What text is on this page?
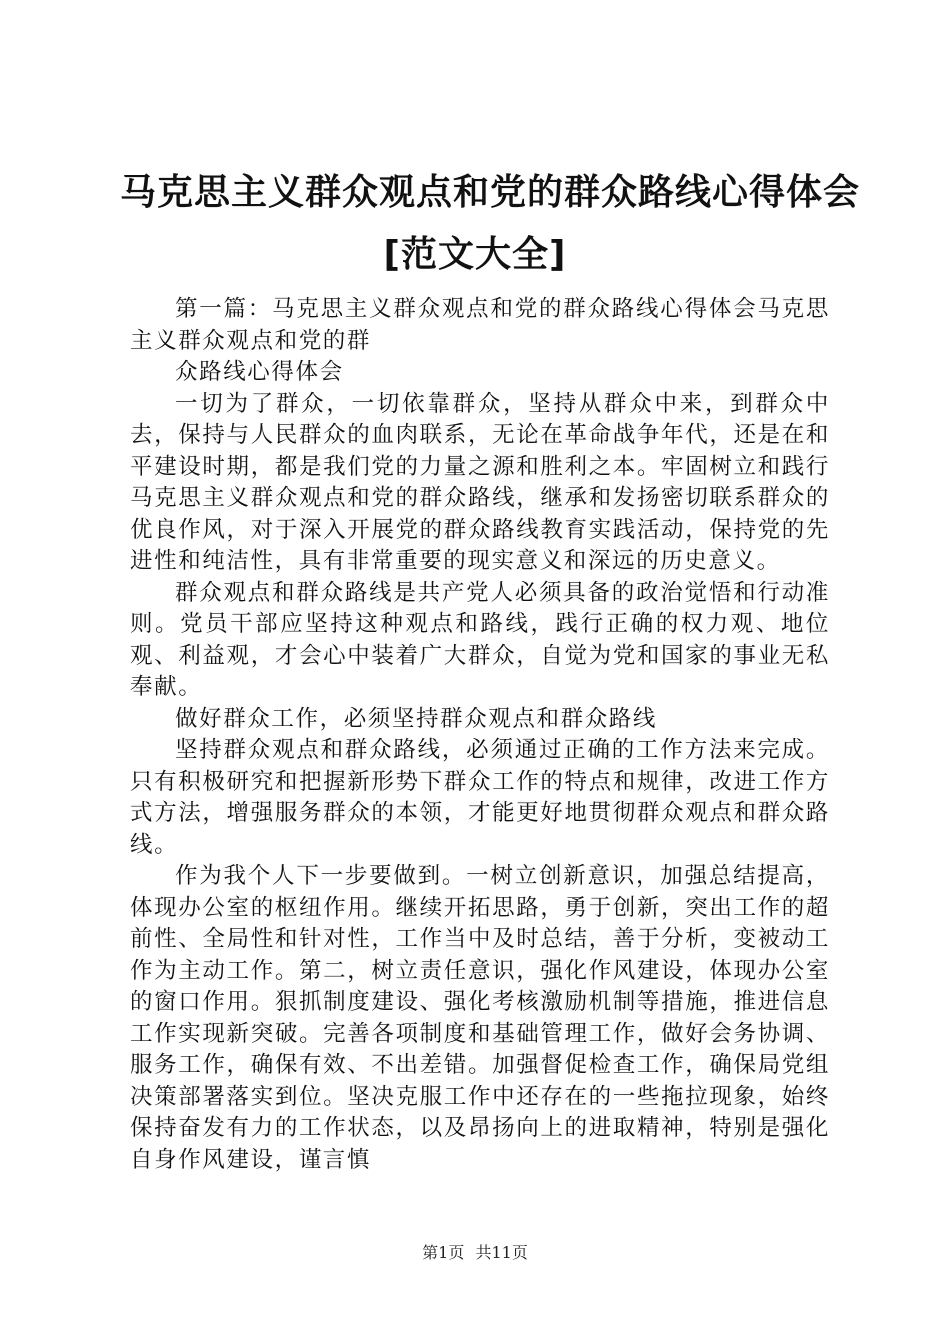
马克思主义群众观点和党的群众路线心得体会
[范文大全]

第一篇：马克思主义群众观点和党的群众路线心得体会马克思主义群众观点和党的群

众路线心得体会

一切为了群众，一切依靠群众，坚持从群众中来，到群众中去，保持与人民群众的血肉联系，无论在革命战争年代，还是在和平建设时期，都是我们党的力量之源和胜利之本。牢固树立和践行马克思主义群众观点和党的群众路线，继承和发扬密切联系群众的优良作风，对于深入开展党的群众路线教育实践活动，保持党的先进性和纯洁性，具有非常重要的现实意义和深远的历史意义。

群众观点和群众路线是共产党人必须具备的政治觉悟和行动准则。党员干部应坚持这种观点和路线，践行正确的权力观、地位观、利益观，才会心中装着广大群众，自觉为党和国家的事业无私奉献。

做好群众工作，必须坚持群众观点和群众路线

坚持群众观点和群众路线，必须通过正确的工作方法来完成。只有积极研究和把握新形势下群众工作的特点和规律，改进工作方式方法，增强服务群众的本领，才能更好地贯彻群众观点和群众路线。

作为我个人下一步要做到。一树立创新意识，加强总结提高，体现办公室的枢纽作用。继续开拓思路，勇于创新，突出工作的超前性、全局性和针对性，工作当中及时总结，善于分析，变被动工作为主动工作。第二，树立责任意识，强化作风建设，体现办公室的窗口作用。狠抓制度建设、强化考核激励机制等措施，推进信息工作实现新突破。完善各项制度和基础管理工作，做好会务协调、服务工作，确保有效、不出差错。加强督促检查工作，确保局党组决策部署落实到位。坚决克服工作中还存在的一些拖拉现象，始终保持奋发有力的工作状态，以及昂扬向上的进取精神，特别是强化自身作风建设，谨言慎

第1页 共11页
